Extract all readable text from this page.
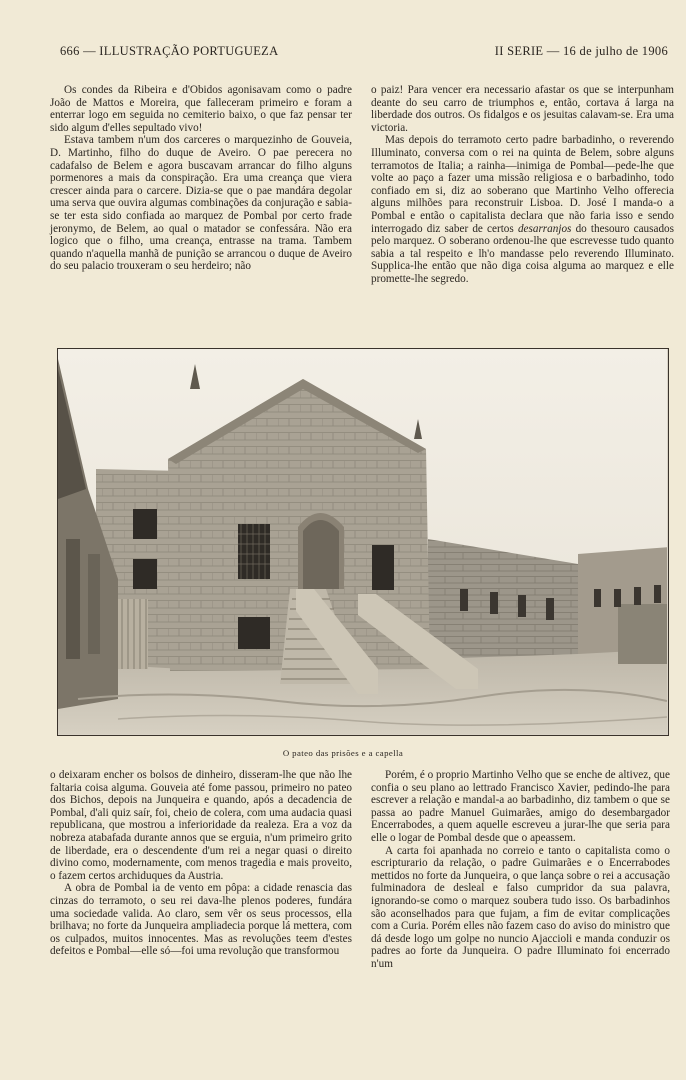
666 — ILLUSTRAÇÃO PORTUGUEZA	II SERIE — 16 de julho de 1906

Os condes da Ribeira e d'Obidos agonisavam como o padre João de Mattos e Moreira, que falleceram primeiro e foram a enterrar logo em seguida no cemiterio baixo, o que faz pensar ter sido algum d'elles sepultado vivo!

Estava tambem n'um dos carceres o marquezinho de Gouveia, D. Martinho, filho do duque de Aveiro. O pae perecera no cadafalso de Belem e agora buscavam arrancar do filho alguns pormenores a mais da conspiração. Era uma creança que viera crescer ainda para o carcere. Dizia-se que o pae mandára degolar uma serva que ouvira algumas combinações da conjuração e sabia-se ter esta sido confiada ao marquez de Pombal por certo frade jeronymo, de Belem, ao qual o matador se confessára. Não era logico que o filho, uma creança, entrasse na trama. Tambem quando n'aquella manhã de punição se arrancou o duque de Aveiro do seu palacio trouxeram o seu herdeiro; não

o paiz! Para vencer era necessario afastar os que se interpunham deante do seu carro de triumphos e, então, cortava á larga na liberdade dos outros. Os fidalgos e os jesuitas calavam-se. Era uma victoria.

Mas depois do terramoto certo padre barbadinho, o reverendo Illuminato, conversa com o rei na quinta de Belem, sobre alguns terramotos de Italia; a rainha—inimiga de Pombal—pede-lhe que volte ao paço a fazer uma missão religiosa e o barbadinho, todo confiado em si, diz ao soberano que Martinho Velho offerecia alguns milhões para reconstruir Lisboa. D. José I manda-o a Pombal e então o capitalista declara que não faria isso e sendo interrogado diz saber de certos desarranjos do thesouro causados pelo marquez. O soberano ordenou-lhe que escrevesse tudo quanto sabia a tal respeito e lh'o mandasse pelo reverendo Illuminato. Supplica-lhe então que não diga coisa alguma ao marquez e elle promette-lhe segredo.

O pateo das prisões e a capella

o deixaram encher os bolsos de dinheiro, disseram-lhe que não lhe faltaria coisa alguma. Gouveia até fome passou, primeiro no pateo dos Bichos, depois na Junqueira e quando, após a decadencia de Pombal, d'ali quiz saír, foi, cheio de colera, com uma audacia quasi republicana, que mostrou a inferioridade da realeza. Era a voz da nobreza atabafada durante annos que se erguia, n'um primeiro grito de liberdade, era o descendente d'um rei a negar quasi o direito divino como, modernamente, com menos tragedia e mais proveito, o fazem certos archiduques da Austria.

A obra de Pombal ia de vento em pôpa: a cidade renascia das cinzas do terramoto, o seu rei dava-lhe plenos poderes, fundára uma sociedade valida. Ao claro, sem vêr os seus processos, ella brilhava; no forte da Junqueira ampliadecia porque lá mettera, com os culpados, muitos innocentes. Mas as revoluções teem d'estes defeitos e Pombal—elle só—foi uma revolução que transformou

Porém, é o proprio Martinho Velho que se enche de altivez, que confia o seu plano ao lettrado Francisco Xavier, pedindo-lhe para escrever a relação e mandal-a ao barbadinho, diz tambem o que se passa ao padre Manuel Guimarães, amigo do desembargador Encerrabodes, a quem aquelle escreveu a jurar-lhe que seria para elle o logar de Pombal desde que o apeassem.

A carta foi apanhada no correio e tanto o capitalista como o escripturario da relação, o padre Guimarães e o Encerrabodes mettidos no forte da Junqueira, o que lança sobre o rei a accusação fulminadora de desleal e falso cumpridor da sua palavra, ignorando-se como o marquez soubera tudo isso. Os barbadinhos são aconselhados para que fujam, a fim de evitar complicações com a Curia. Porém elles não fazem caso do aviso do ministro que dá desde logo um golpe no nuncio Ajaccioli e manda conduzir os padres ao forte da Junqueira. O padre Illuminato foi encerrado n'um
